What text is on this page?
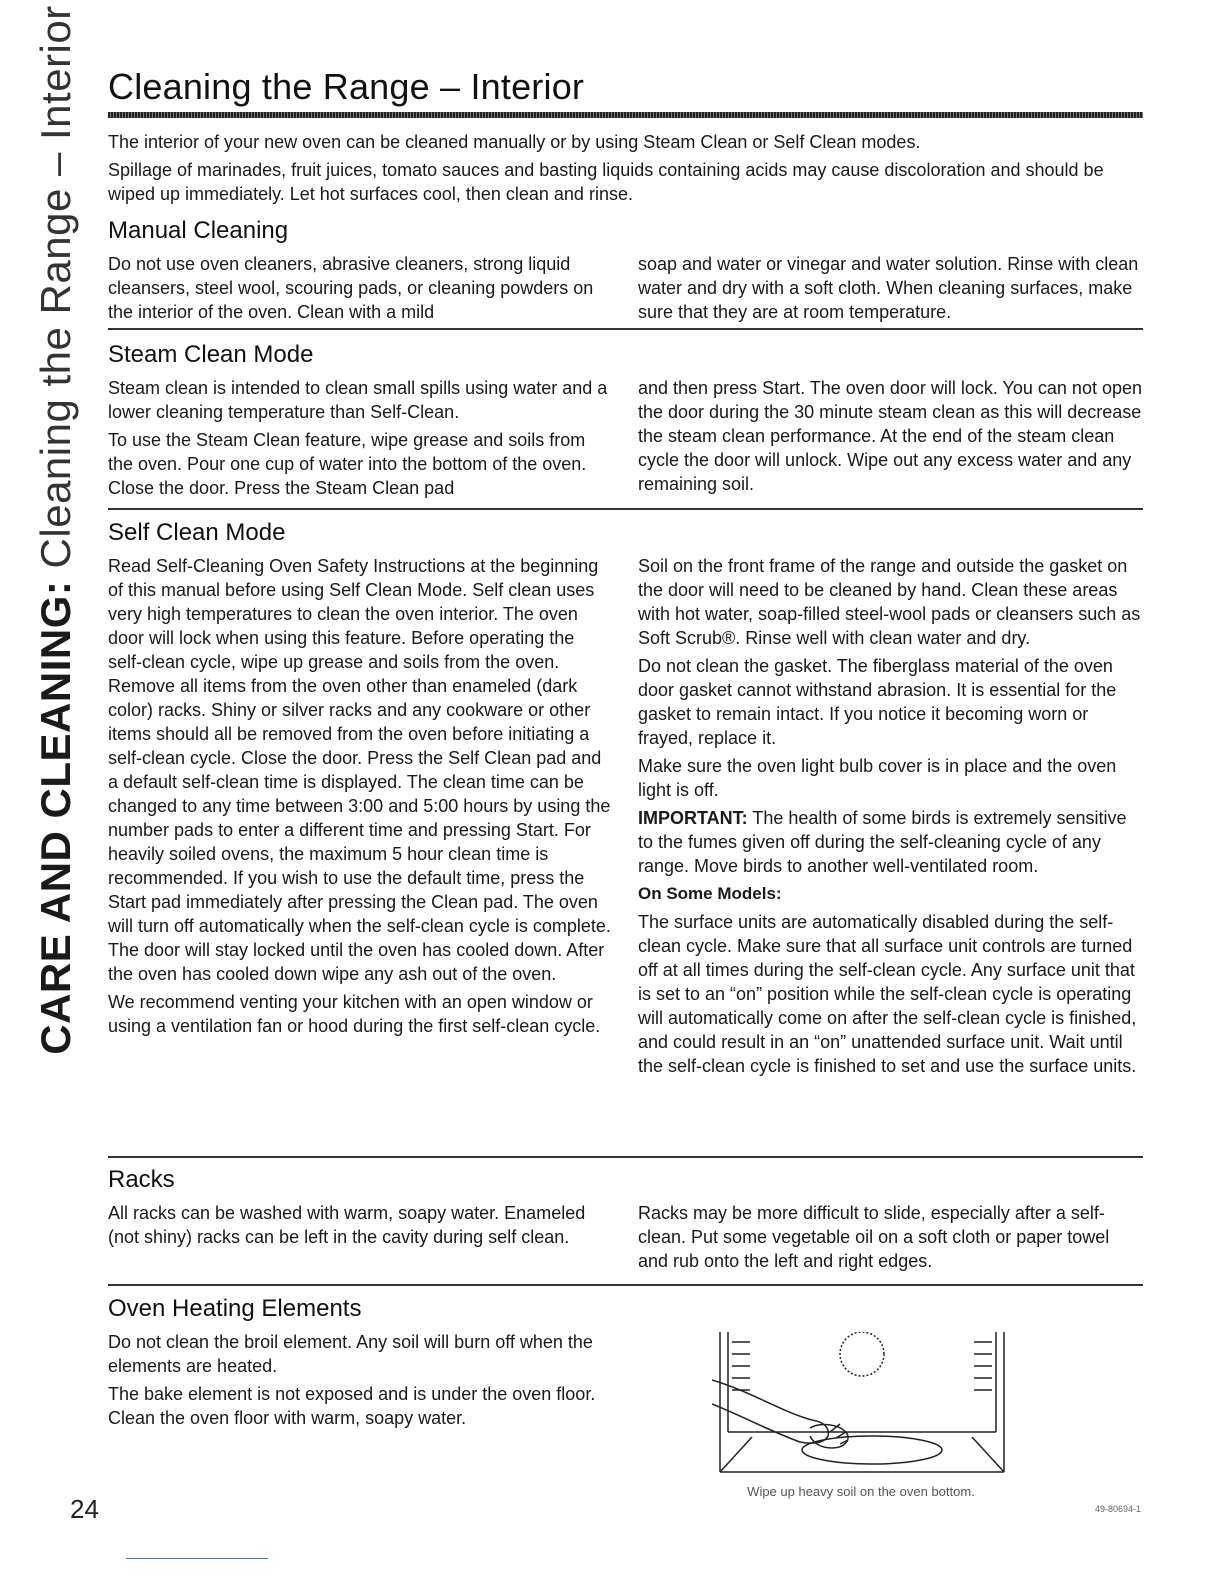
CARE AND CLEANING: Cleaning the Range – Interior Cleaning the Range – Interior

The interior of your new oven can be cleaned manually or by using Steam Clean or Self Clean modes.

Spillage of marinades, fruit juices, tomato sauces and basting liquids containing acids may cause discoloration and should be wiped up immediately. Let hot surfaces cool, then clean and rinse.

Manual Cleaning

Do not use oven cleaners, abrasive cleaners, strong liquid cleansers, steel wool, scouring pads, or cleaning powders on the interior of the oven. Clean with a mild

soap and water or vinegar and water solution. Rinse with clean water and dry with a soft cloth. When cleaning surfaces, make sure that they are at room temperature.

Steam Clean Mode

Steam clean is intended to clean small spills using water and a lower cleaning temperature than Self-Clean.

To use the Steam Clean feature, wipe grease and soils from the oven. Pour one cup of water into the bottom of the oven. Close the door. Press the Steam Clean pad

and then press Start. The oven door will lock. You can not open the door during the 30 minute steam clean as this will decrease the steam clean performance. At the end of the steam clean cycle the door will unlock. Wipe out any excess water and any remaining soil.

Self Clean Mode

Read Self-Cleaning Oven Safety Instructions at the beginning of this manual before using Self Clean Mode. Self clean uses very high temperatures to clean the oven interior. The oven door will lock when using this feature. Before operating the self-clean cycle, wipe up grease and soils from the oven. Remove all items from the oven other than enameled (dark color) racks. Shiny or silver racks and any cookware or other items should all be removed from the oven before initiating a self-clean cycle. Close the door. Press the Self Clean pad and a default self-clean time is displayed. The clean time can be changed to any time between 3:00 and 5:00 hours by using the number pads to enter a different time and pressing Start. For heavily soiled ovens, the maximum 5 hour clean time is recommended. If you wish to use the default time, press the Start pad immediately after pressing the Clean pad. The oven will turn off automatically when the self-clean cycle is complete. The door will stay locked until the oven has cooled down. After the oven has cooled down wipe any ash out of the oven.

We recommend venting your kitchen with an open window or using a ventilation fan or hood during the first self-clean cycle.

Soil on the front frame of the range and outside the gasket on the door will need to be cleaned by hand. Clean these areas with hot water, soap-filled steel-wool pads or cleansers such as Soft Scrub®. Rinse well with clean water and dry.

Do not clean the gasket. The fiberglass material of the oven door gasket cannot withstand abrasion. It is essential for the gasket to remain intact. If you notice it becoming worn or frayed, replace it.

Make sure the oven light bulb cover is in place and the oven light is off.

IMPORTANT: The health of some birds is extremely sensitive to the fumes given off during the self-cleaning cycle of any range. Move birds to another well-ventilated room.

On Some Models:

The surface units are automatically disabled during the self-clean cycle. Make sure that all surface unit controls are turned off at all times during the self-clean cycle. Any surface unit that is set to an “on” position while the self-clean cycle is operating will automatically come on after the self-clean cycle is finished, and could result in an “on” unattended surface unit. Wait until the self-clean cycle is finished to set and use the surface units.

Racks

All racks can be washed with warm, soapy water. Enameled (not shiny) racks can be left in the cavity during self clean.

Racks may be more difficult to slide, especially after a self-clean. Put some vegetable oil on a soft cloth or paper towel and rub onto the left and right edges.

Oven Heating Elements

Do not clean the broil element. Any soil will burn off when the elements are heated.

The bake element is not exposed and is under the oven floor. Clean the oven floor with warm, soapy water.

Wipe up heavy soil on the oven bottom.
24	49-80694-1
